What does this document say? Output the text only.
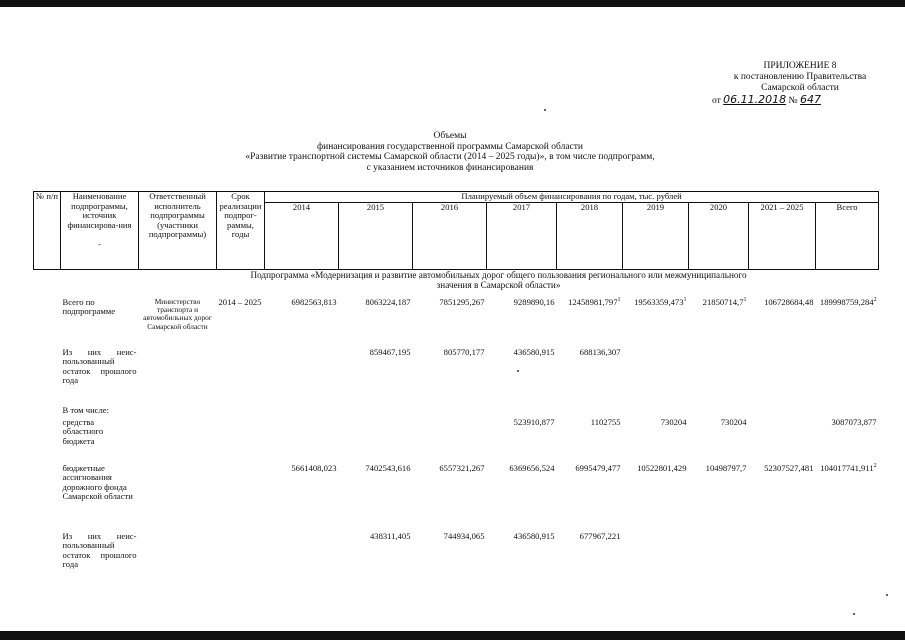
ПРИЛОЖЕНИЕ 8
к постановлению Правительства
Самарской области
от 06.11.2018 № 647
Объемы
финансирования государственной программы Самарской области
«Развитие транспортной системы Самарской области (2014 – 2025 годы)», в том числе подпрограмм,
с указанием источников финансирования
№ п/п	Наименование подпрограммы, источник финансирова-ния
-	Ответственный исполнитель подпрограммы (участники подпрограммы)	Срок реализации подпрог-раммы, годы	Планируемый объем финансирования по годам, тыс. рублей								
				2014	2015	2016	2017	2018	2019	2020	2021 – 2025	Всего
Подпрограмма «Модернизация и развитие автомобильных дорог общего пользования регионального или межмуниципального значения в Самарской области»												
	Всего по подпрограмме	Министерство транспорта и автомобильных дорог Самарской области	2014 – 2025	6982563,813	8063224,187	7851295,267	9289890,16	12458981,797$^1$	19563359,473$^1$	21850714,7$^1$	106728684,48	189998759,284$^2$
	Из них неис-пользованный остаток прошлого года				859467,195	805770,177	436580,915	688136,307				
	В том числе:											
	средства областного бюджета						523910,877	1102755	730204	730204		3087073,877
	бюджетные ассигнования дорожного фонда Самарской области			5661408,023	7402543,616	6557321,267	6369656,524	6995479,477	10522801,429	10498797,7	52307527,481	104017741,911$^2$
	Из них неис-пользованный остаток прошлого года				438311,405	744934,065	436580,915	677967,221				
